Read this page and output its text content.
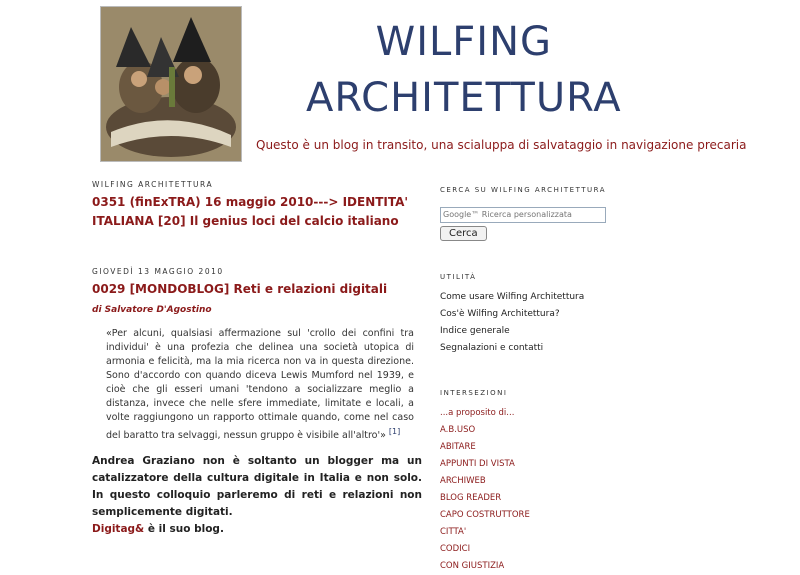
WILFING
ARCHITETTURA
Questo è un blog in transito, una scialuppa di salvataggio in navigazione precaria
WILFING ARCHITETTURA
0351 (finExTRA) 16 maggio 2010---> IDENTITA' ITALIANA [20] Il genius loci del calcio italiano
GIOVEDÌ 13 MAGGIO 2010
0029 [MONDOBLOG] Reti e relazioni digitali
di Salvatore D'Agostino
«Per alcuni, qualsiasi affermazione sul 'crollo dei confini tra individui' è una profezia che delinea una società utopica di armonia e felicità, ma la mia ricerca non va in questa direzione. Sono d'accordo con quando diceva Lewis Mumford nel 1939, e cioè che gli esseri umani 'tendono a socializzare meglio a distanza, invece che nelle sfere immediate, limitate e locali, a volte raggiungono un rapporto ottimale quando, come nel caso del baratto tra selvaggi, nessun gruppo è visibile all'altro'» [1]
Andrea Graziano non è soltanto un blogger ma un catalizzatore della cultura digitale in Italia e non solo. In questo colloquio parleremo di reti e relazioni non semplicemente digitati.
Digitag& è il suo blog.
CERCA SU WILFING ARCHITETTURA
Google™ Ricerca personalizzata
Cerca
UTILITÀ
Come usare Wilfing Architettura
Cos'è Wilfing Architettura?
Indice generale
Segnalazioni e contatti
INTERSEZIONI
...a proposito di...
A.B.USO
ABITARE
APPUNTI DI VISTA
ARCHIWEB
BLOG READER
CAPO COSTRUTTORE
CITTA'
CODICI
CON GIUSTIZIA
